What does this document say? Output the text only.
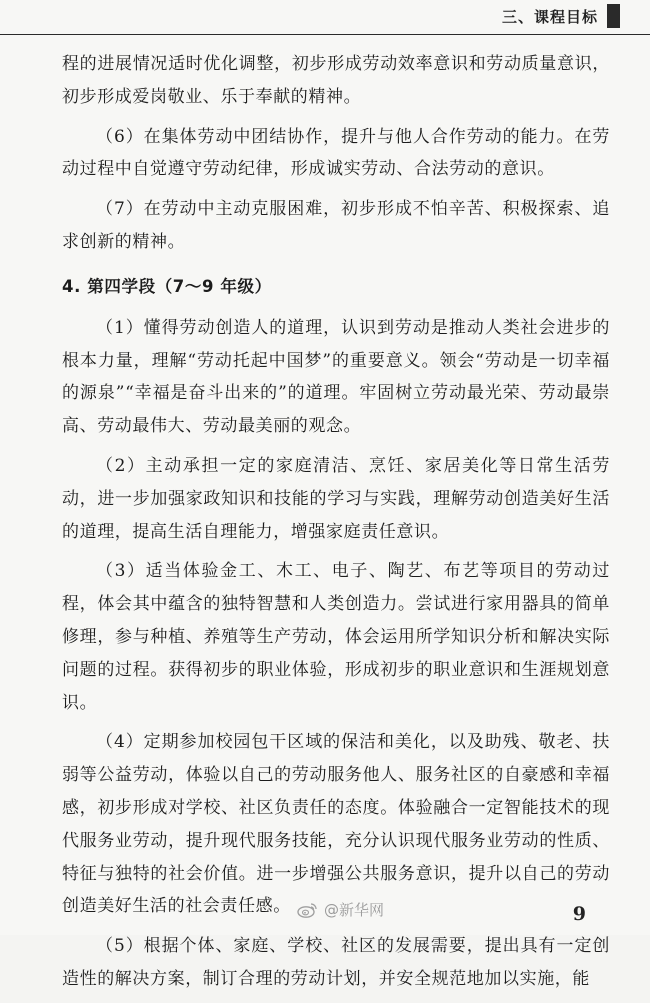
三、课程目标

程的进展情况适时优化调整，初步形成劳动效率意识和劳动质量意识，初步形成爱岗敬业、乐于奉献的精神。

（6）在集体劳动中团结协作，提升与他人合作劳动的能力。在劳动过程中自觉遵守劳动纪律，形成诚实劳动、合法劳动的意识。

（7）在劳动中主动克服困难，初步形成不怕辛苦、积极探索、追求创新的精神。

4. 第四学段（7～9 年级）

（1）懂得劳动创造人的道理，认识到劳动是推动人类社会进步的根本力量，理解“劳动托起中国梦”的重要意义。领会“劳动是一切幸福的源泉”“幸福是奋斗出来的”的道理。牢固树立劳动最光荣、劳动最崇高、劳动最伟大、劳动最美丽的观念。

（2）主动承担一定的家庭清洁、烹饪、家居美化等日常生活劳动，进一步加强家政知识和技能的学习与实践，理解劳动创造美好生活的道理，提高生活自理能力，增强家庭责任意识。

（3）适当体验金工、木工、电子、陶艺、布艺等项目的劳动过程，体会其中蕴含的独特智慧和人类创造力。尝试进行家用器具的简单修理，参与种植、养殖等生产劳动，体会运用所学知识分析和解决实际问题的过程。获得初步的职业体验，形成初步的职业意识和生涯规划意识。

（4）定期参加校园包干区域的保洁和美化，以及助残、敬老、扶弱等公益劳动，体验以自己的劳动服务他人、服务社区的自豪感和幸福感，初步形成对学校、社区负责任的态度。体验融合一定智能技术的现代服务业劳动，提升现代服务技能，充分认识现代服务业劳动的性质、特征与独特的社会价值。进一步增强公共服务意识，提升以自己的劳动创造美好生活的社会责任感。

（5）根据个体、家庭、学校、社区的发展需要，提出具有一定创造性的解决方案，制订合理的劳动计划，并安全规范地加以实施，能

@新华网	9
